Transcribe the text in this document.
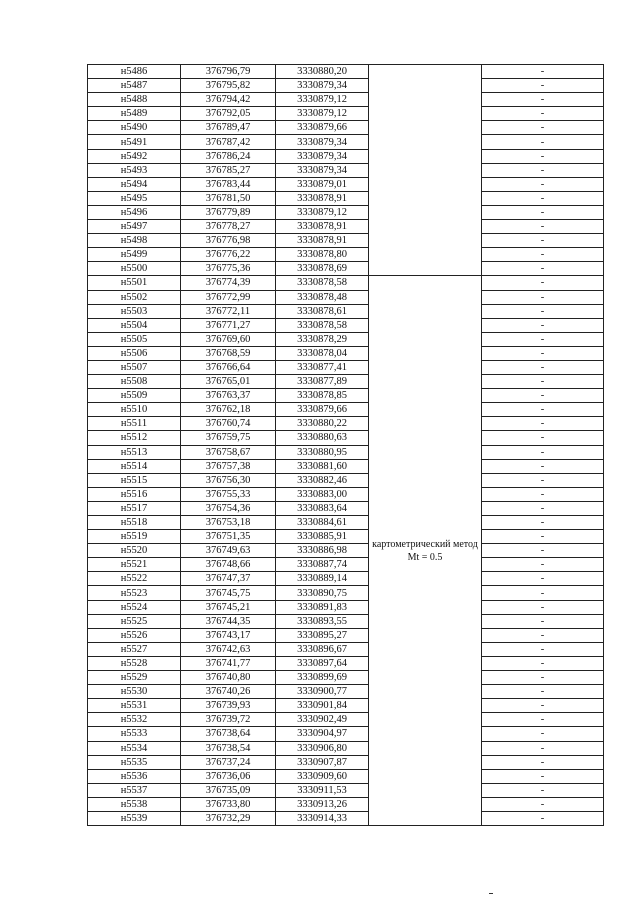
н5486	376796,79	3330880,20		-
н5487	376795,82	3330879,34		-
н5488	376794,42	3330879,12		-
н5489	376792,05	3330879,12		-
н5490	376789,47	3330879,66		-
н5491	376787,42	3330879,34		-
н5492	376786,24	3330879,34		-
н5493	376785,27	3330879,34		-
н5494	376783,44	3330879,01		-
н5495	376781,50	3330878,91		-
н5496	376779,89	3330879,12		-
н5497	376778,27	3330878,91		-
н5498	376776,98	3330878,91		-
н5499	376776,22	3330878,80		-
н5500	376775,36	3330878,69		-
н5501	376774,39	3330878,58	картометрический метод Mt = 0.5	-
н5502	376772,99	3330878,48		-
н5503	376772,11	3330878,61		-
н5504	376771,27	3330878,58		-
н5505	376769,60	3330878,29		-
н5506	376768,59	3330878,04		-
н5507	376766,64	3330877,41		-
н5508	376765,01	3330877,89		-
н5509	376763,37	3330878,85		-
н5510	376762,18	3330879,66		-
н5511	376760,74	3330880,22		-
н5512	376759,75	3330880,63		-
н5513	376758,67	3330880,95		-
н5514	376757,38	3330881,60		-
н5515	376756,30	3330882,46		-
н5516	376755,33	3330883,00		-
н5517	376754,36	3330883,64		-
н5518	376753,18	3330884,61		-
н5519	376751,35	3330885,91		-
н5520	376749,63	3330886,98		-
н5521	376748,66	3330887,74		-
н5522	376747,37	3330889,14		-
н5523	376745,75	3330890,75		-
н5524	376745,21	3330891,83		-
н5525	376744,35	3330893,55		-
н5526	376743,17	3330895,27		-
н5527	376742,63	3330896,67		-
н5528	376741,77	3330897,64		-
н5529	376740,80	3330899,69		-
н5530	376740,26	3330900,77		-
н5531	376739,93	3330901,84		-
н5532	376739,72	3330902,49		-
н5533	376738,64	3330904,97		-
н5534	376738,54	3330906,80		-
н5535	376737,24	3330907,87		-
н5536	376736,06	3330909,60		-
н5537	376735,09	3330911,53		-
н5538	376733,80	3330913,26		-
н5539	376732,29	3330914,33		-
